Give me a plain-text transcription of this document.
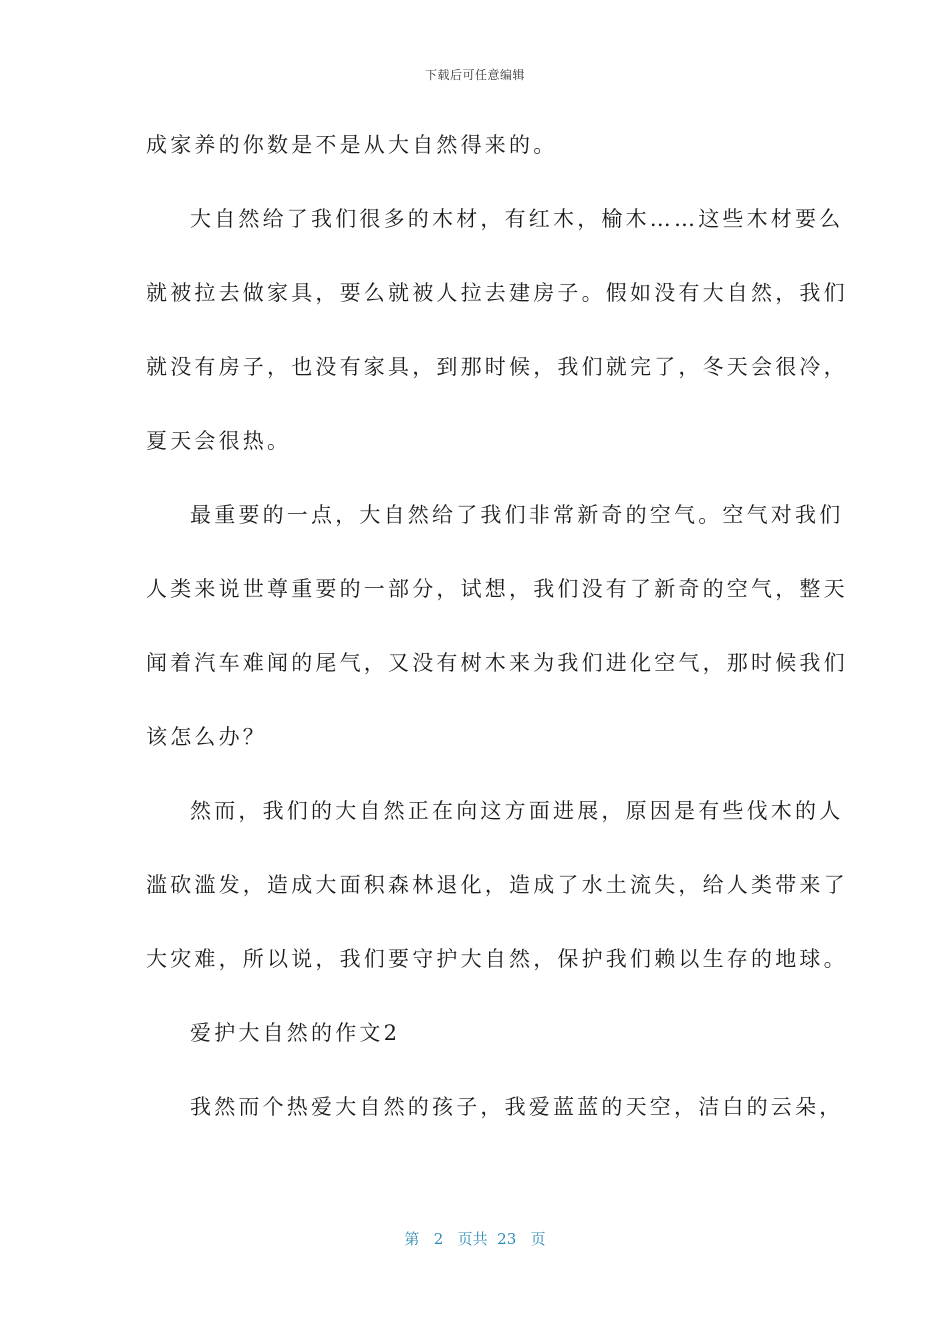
下载后可任意编辑
成家养的你数是不是从大自然得来的。
大自然给了我们很多的木材，有红木，榆木……这些木材要么
就被拉去做家具，要么就被人拉去建房子。假如没有大自然，我们
就没有房子，也没有家具，到那时候，我们就完了，冬天会很冷，
夏天会很热。
最重要的一点，大自然给了我们非常新奇的空气。空气对我们
人类来说世尊重要的一部分，试想，我们没有了新奇的空气，整天
闻着汽车难闻的尾气，又没有树木来为我们进化空气，那时候我们
该怎么办？
然而，我们的大自然正在向这方面进展，原因是有些伐木的人
滥砍滥发，造成大面积森林退化，造成了水土流失，给人类带来了
大灾难，所以说，我们要守护大自然，保护我们赖以生存的地球。
爱护大自然的作文2
我然而个热爱大自然的孩子，我爱蓝蓝的天空，洁白的云朵，
第 2 页共 23 页
